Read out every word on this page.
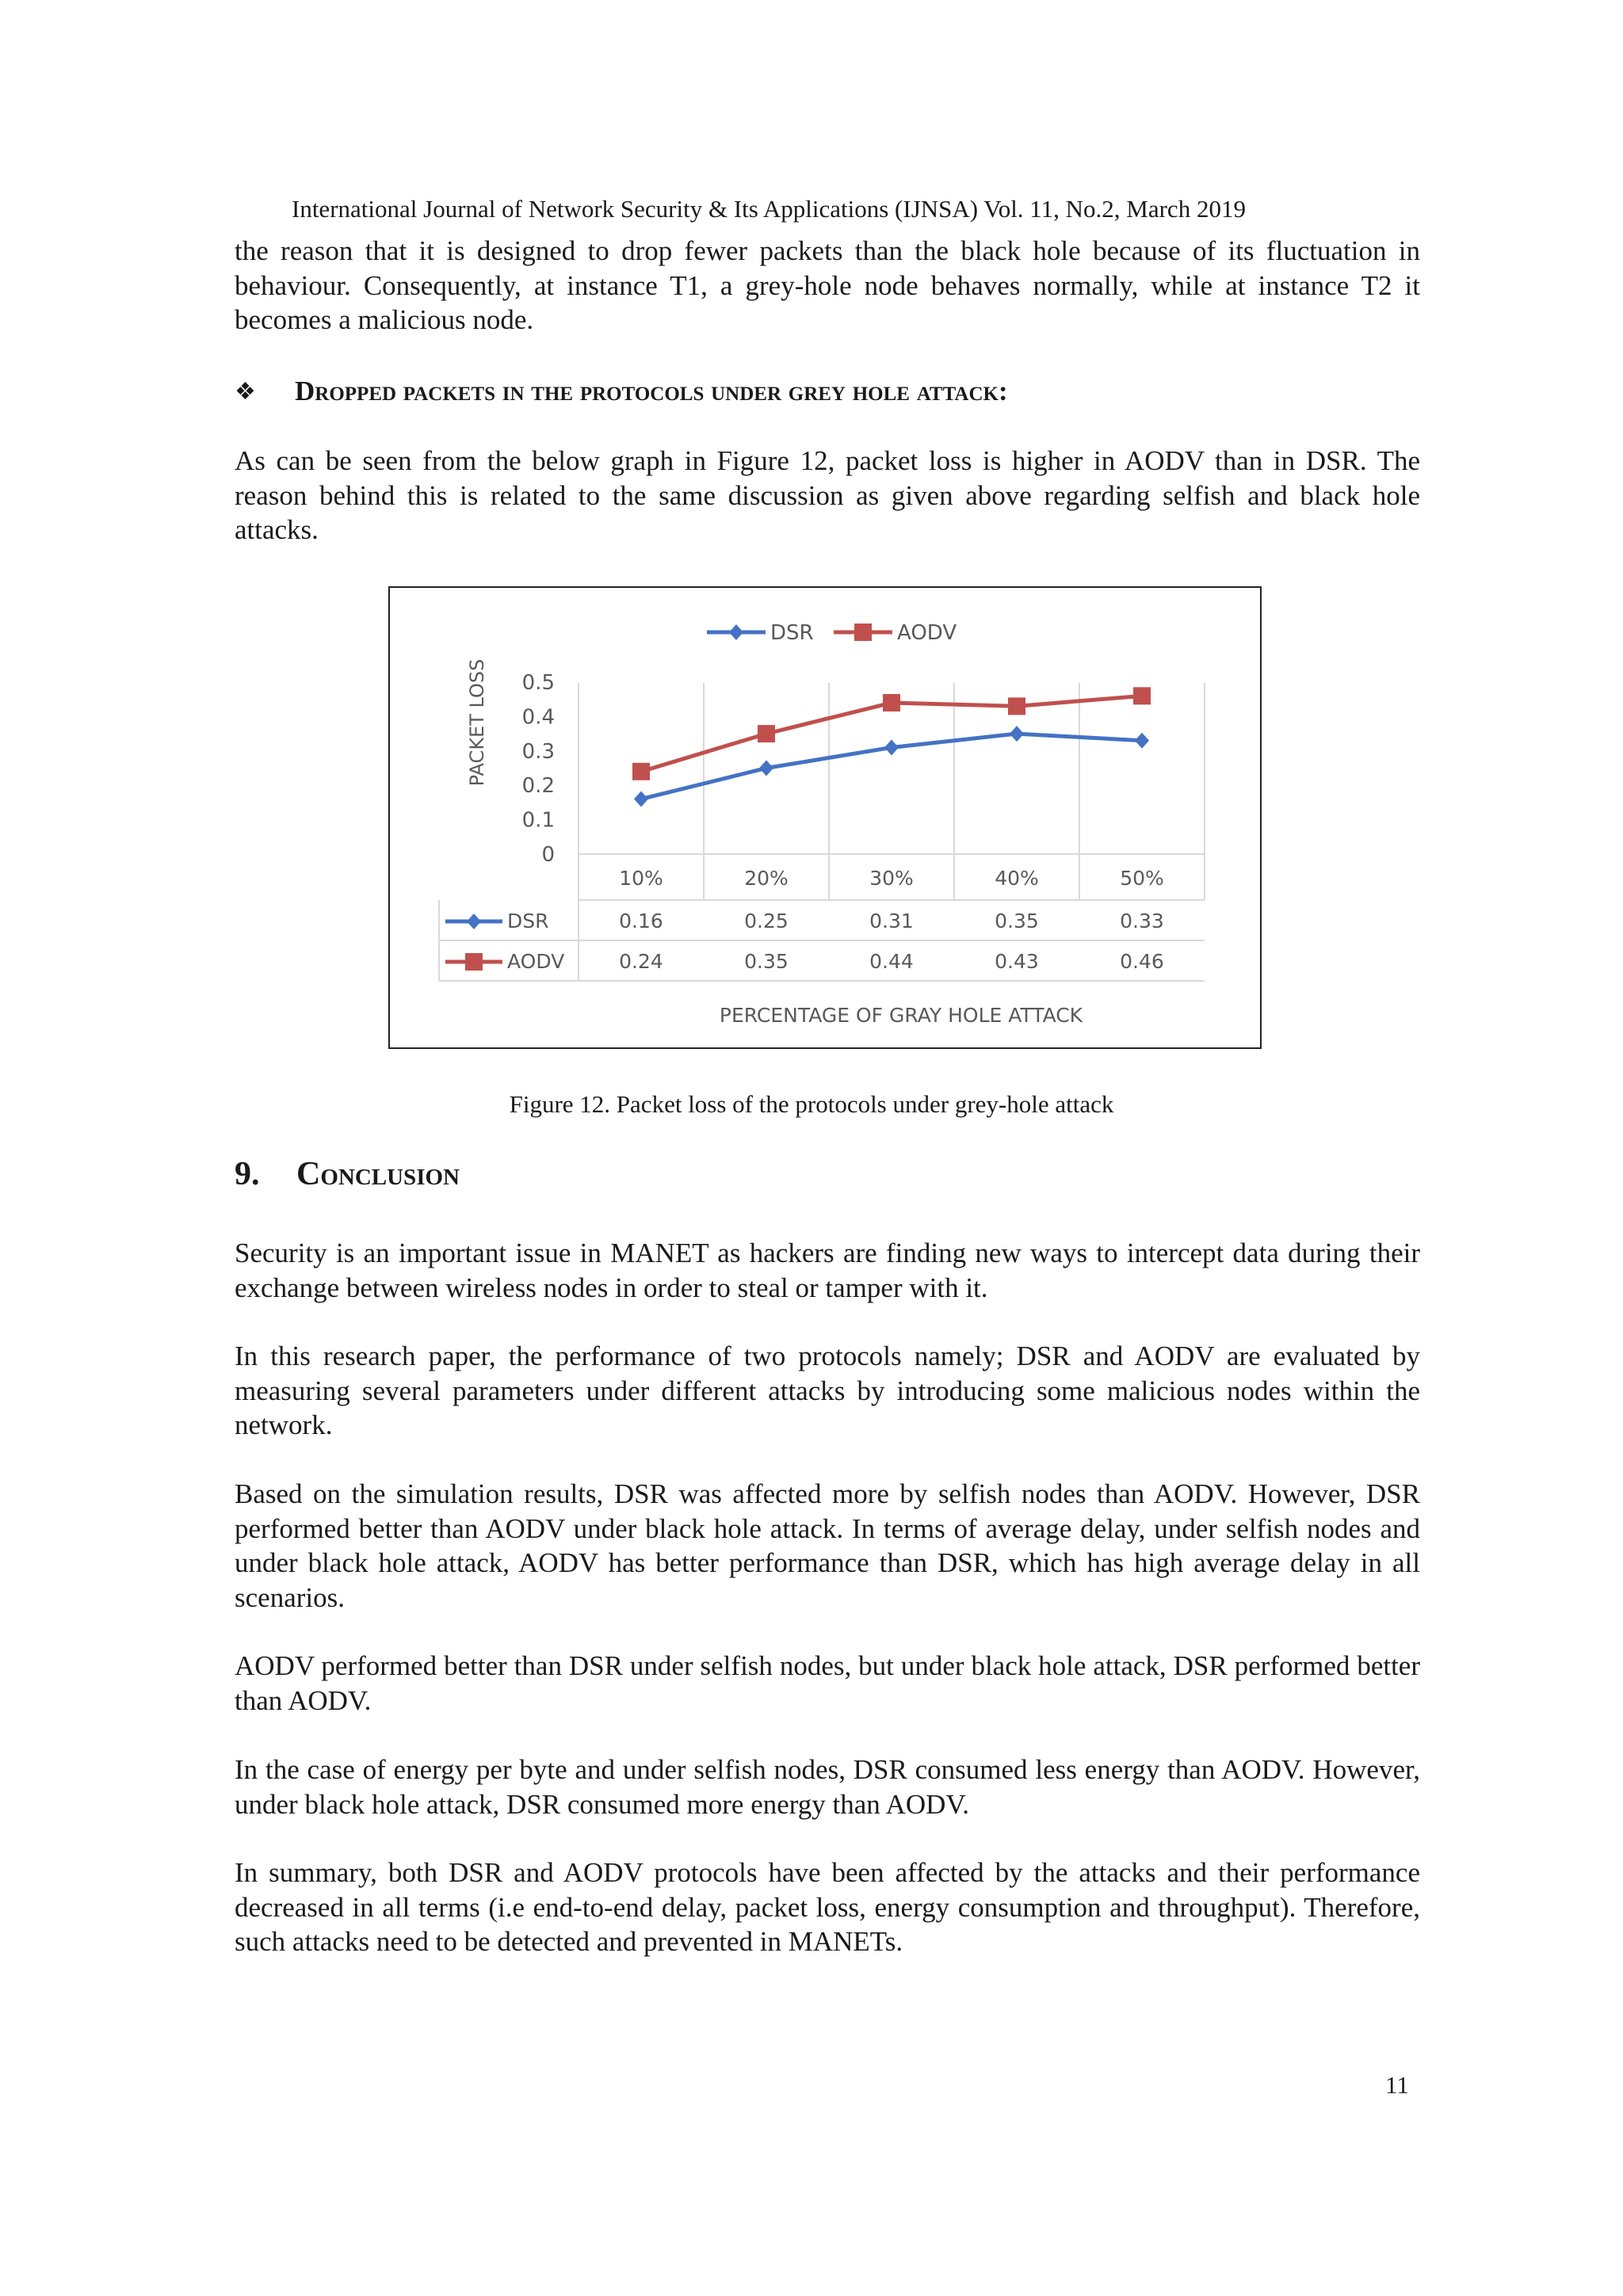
International Journal of Network Security & Its Applications (IJNSA) Vol. 11, No.2, March 2019

the reason that it is designed to drop fewer packets than the black hole because of its fluctuation in behaviour. Consequently, at instance T1, a grey-hole node behaves normally, while at instance T2 it becomes a malicious node.

❖	Dropped packets in the protocols under grey hole attack:

As can be seen from the below graph in Figure 12, packet loss is higher in AODV than in DSR. The reason behind this is related to the same discussion as given above regarding selfish and black hole attacks.

0
0.1
0.2
0.3
0.4
0.5
PACKET LOSS
10%	20%	30%	40%	50%
DSR	0.16	0.25	0.31	0.35	0.33
AODV	0.24	0.35	0.44	0.43	0.46
DSR	AODV
PERCENTAGE OF GRAY HOLE ATTACK
Figure 12. Packet loss of the protocols under grey-hole attack
9. Conclusion

Security is an important issue in MANET as hackers are finding new ways to intercept data during their exchange between wireless nodes in order to steal or tamper with it.

In this research paper, the performance of two protocols namely; DSR and AODV are evaluated by measuring several parameters under different attacks by introducing some malicious nodes within the network.

Based on the simulation results, DSR was affected more by selfish nodes than AODV. However, DSR performed better than AODV under black hole attack. In terms of average delay, under selfish nodes and under black hole attack, AODV has better performance than DSR, which has high average delay in all scenarios.

AODV performed better than DSR under selfish nodes, but under black hole attack, DSR performed better than AODV.

In the case of energy per byte and under selfish nodes, DSR consumed less energy than AODV. However, under black hole attack, DSR consumed more energy than AODV.

In summary, both DSR and AODV protocols have been affected by the attacks and their performance decreased in all terms (i.e end-to-end delay, packet loss, energy consumption and throughput). Therefore, such attacks need to be detected and prevented in MANETs.

11
